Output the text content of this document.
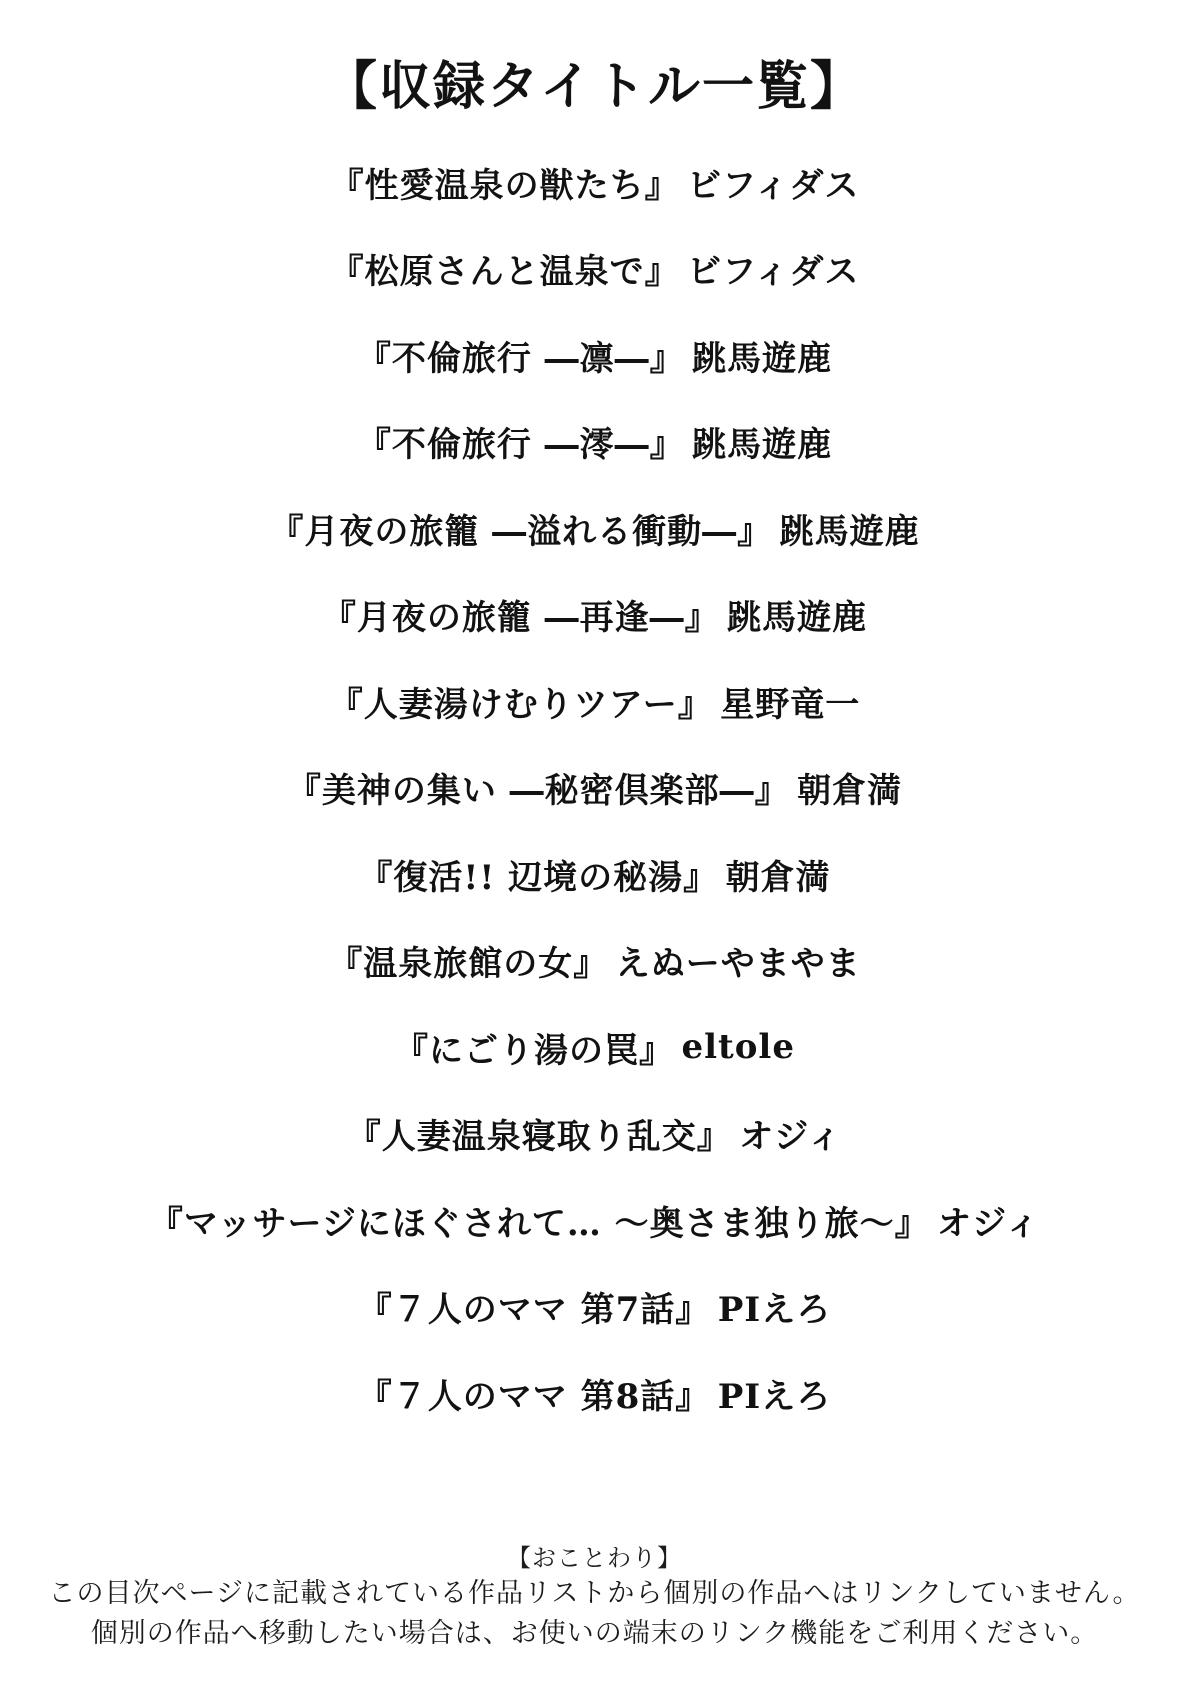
【収録タイトル一覧】
『性愛温泉の獣たち』 ビフィダス
『松原さんと温泉で』 ビフィダス
『不倫旅行 ―凛―』 跳馬遊鹿
『不倫旅行 ―澪―』 跳馬遊鹿
『月夜の旅籠 ―溢れる衝動―』 跳馬遊鹿
『月夜の旅籠 ―再逢―』 跳馬遊鹿
『人妻湯けむりツアー』 星野竜一
『美神の集い ―秘密倶楽部―』 朝倉満
『復活!! 辺境の秘湯』 朝倉満
『温泉旅館の女』 えぬーやまやま
『にごり湯の罠』 eltole
『人妻温泉寝取り乱交』 オジィ
『マッサージにほぐされて… ～奥さま独り旅～』 オジィ
『７人のママ 第7話』 PIえろ
『７人のママ 第8話』 PIえろ
【おことわり】
この目次ページに記載されている作品リストから個別の作品へはリンクしていません。
個別の作品へ移動したい場合は、お使いの端末のリンク機能をご利用ください。
